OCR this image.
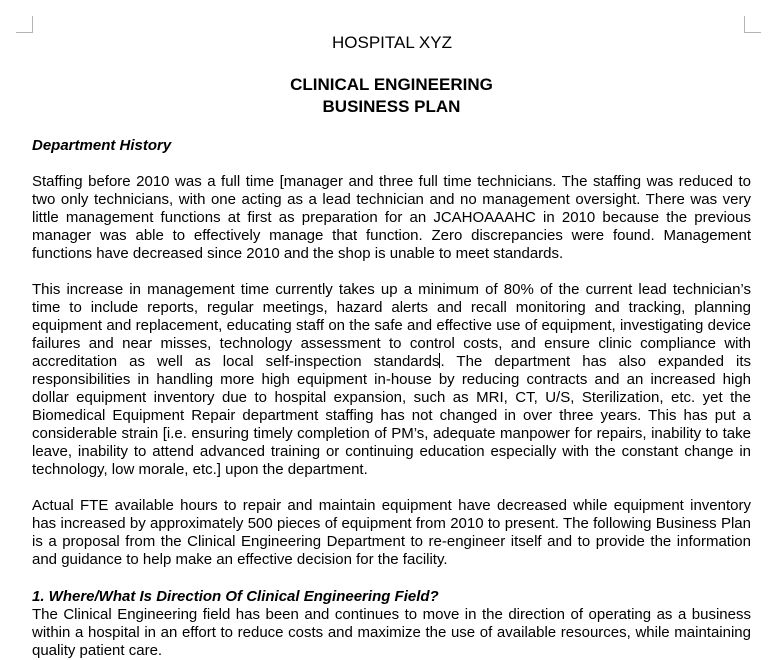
HOSPITAL XYZ
CLINICAL ENGINEERING
BUSINESS PLAN
Department History

Staffing before 2010 was a full time [manager and three full time technicians. The staffing was reduced to two only technicians, with one acting as a lead technician and no management oversight. There was very little management functions at first as preparation for an JCAHOAAAHC in 2010 because the previous manager was able to effectively manage that function. Zero discrepancies were found. Management functions have decreased since 2010 and the shop is unable to meet standards.

This increase in management time currently takes up a minimum of 80% of the current lead technician’s time to include reports, regular meetings, hazard alerts and recall monitoring and tracking, planning equipment and replacement, educating staff on the safe and effective use of equipment, investigating device failures and near misses, technology assessment to control costs, and ensure clinic compliance with accreditation as well as local self-inspection standards. The department has also expanded its responsibilities in handling more high equipment in-house by reducing contracts and an increased high dollar equipment inventory due to hospital expansion, such as MRI, CT, U/S, Sterilization, etc. yet the Biomedical Equipment Repair department staffing has not changed in over three years. This has put a considerable strain [i.e. ensuring timely completion of PM’s, adequate manpower for repairs, inability to take leave, inability to attend advanced training or continuing education especially with the constant change in technology, low morale, etc.] upon the department.

Actual FTE available hours to repair and maintain equipment have decreased while equipment inventory has increased by approximately 500 pieces of equipment from 2010 to present. The following Business Plan is a proposal from the Clinical Engineering Department to re-engineer itself and to provide the information and guidance to help make an effective decision for the facility.

1. Where/What Is Direction Of Clinical Engineering Field?

The Clinical Engineering field has been and continues to move in the direction of operating as a business within a hospital in an effort to reduce costs and maximize the use of available resources, while maintaining quality patient care.
